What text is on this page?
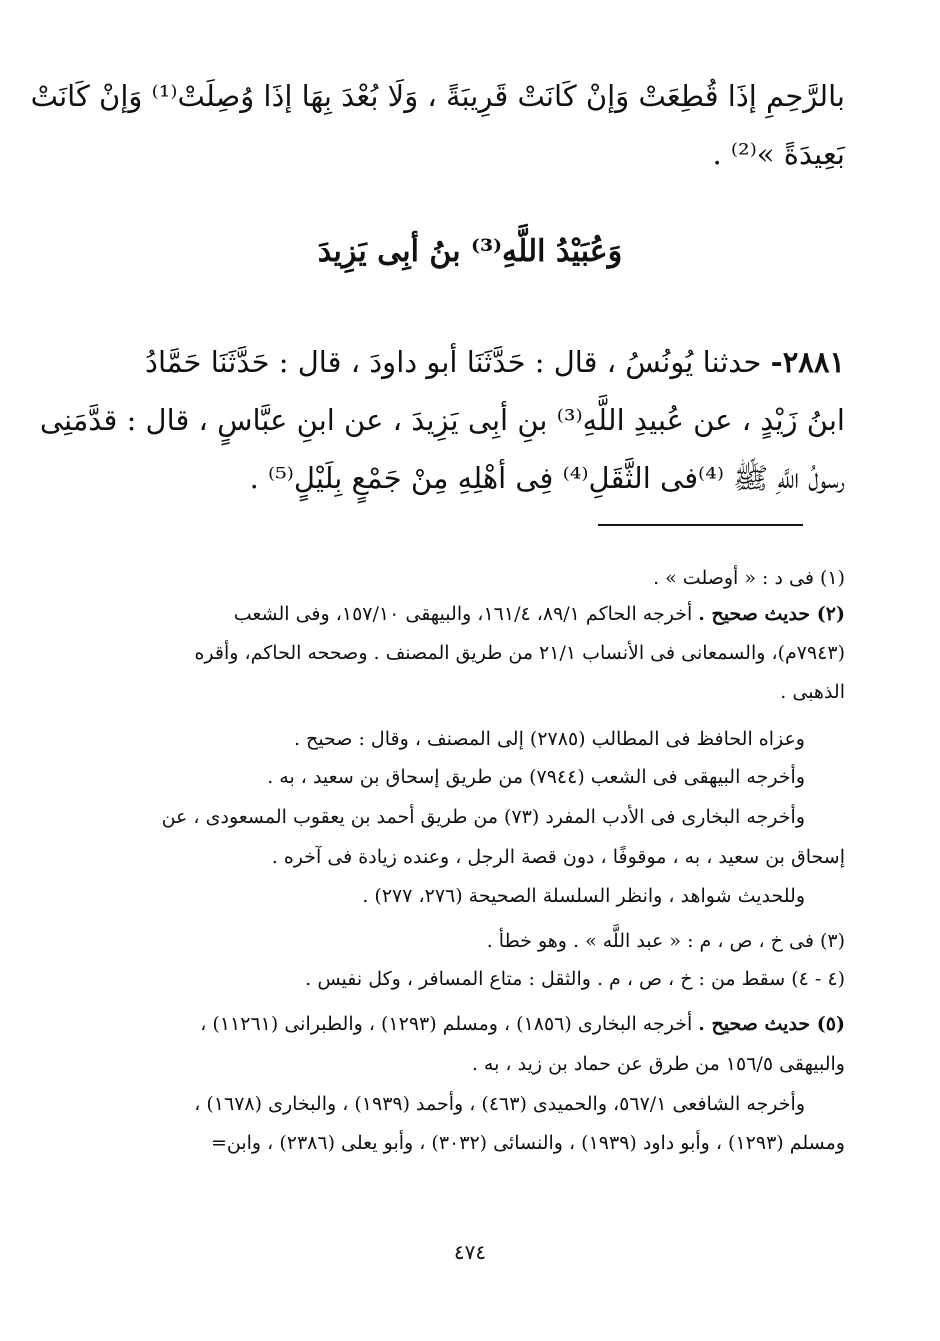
بالرَّحِمِ إذَا قُطِعَتْ وَإنْ كَانَتْ قَرِيبَةً ، وَلَا بُعْدَ بِهَا إذَا وُصِلَتْ⁽¹⁾ وَإنْ كَانَتْ
بَعِيدَةً »⁽²⁾ .
وَعُبَيْدُ اللَّهِ⁽³⁾ بنُ أبِى يَزِيدَ
٢٨٨١- حدثنا يُونُسُ ، قال : حَدَّثَنَا أبو داودَ ، قال : حَدَّثَنَا حَمَّادُ
ابنُ زَيْدٍ ، عن عُبيدِ اللَّهِ⁽³⁾ بنِ أبِى يَزِيدَ ، عن ابنِ عبَّاسٍ ، قال : قدَّمَنِى
رسولُ اللَّهِ ﷺ ⁽⁴⁾فى الثَّقَلِ⁽⁴⁾ فِى أهْلِهِ مِنْ جَمْعٍ بِلَيْلٍ⁽⁵⁾ .
(١) فى د : « أوصلت » .
(٢) حديث صحيح . أخرجه الحاكم ٨٩/١، ١٦١/٤، والبيهقى ١٥٧/١٠، وفى الشعب
(٧٩٤٣م)، والسمعانى فى الأنساب ٢١/١ من طريق المصنف . وصححه الحاكم، وأقره
الذهبى .
وعزاه الحافظ فى المطالب (٢٧٨٥) إلى المصنف ، وقال : صحيح .
وأخرجه البيهقى فى الشعب (٧٩٤٤) من طريق إسحاق بن سعيد ، به .
وأخرجه البخارى فى الأدب المفرد (٧٣) من طريق أحمد بن يعقوب المسعودى ، عن
إسحاق بن سعيد ، به ، موقوفًا ، دون قصة الرجل ، وعنده زيادة فى آخره .
وللحديث شواهد ، وانظر السلسلة الصحيحة (٢٧٦، ٢٧٧) .
(٣) فى خ ، ص ، م : « عبد اللَّه » . وهو خطأ .
(٤ - ٤) سقط من : خ ، ص ، م . والثقل : متاع المسافر ، وكل نفيس .
(٥) حديث صحيح . أخرجه البخارى (١٨٥٦) ، ومسلم (١٢٩٣) ، والطبرانى (١١٢٦١) ،
والبيهقى ١٥٦/٥ من طرق عن حماد بن زيد ، به .
وأخرجه الشافعى ٥٦٧/١، والحميدى (٤٦٣) ، وأحمد (١٩٣٩) ، والبخارى (١٦٧٨) ،
ومسلم (١٢٩٣) ، وأبو داود (١٩٣٩) ، والنسائى (٣٠٣٢) ، وأبو يعلى (٢٣٨٦) ، وابن=
٤٧٤
